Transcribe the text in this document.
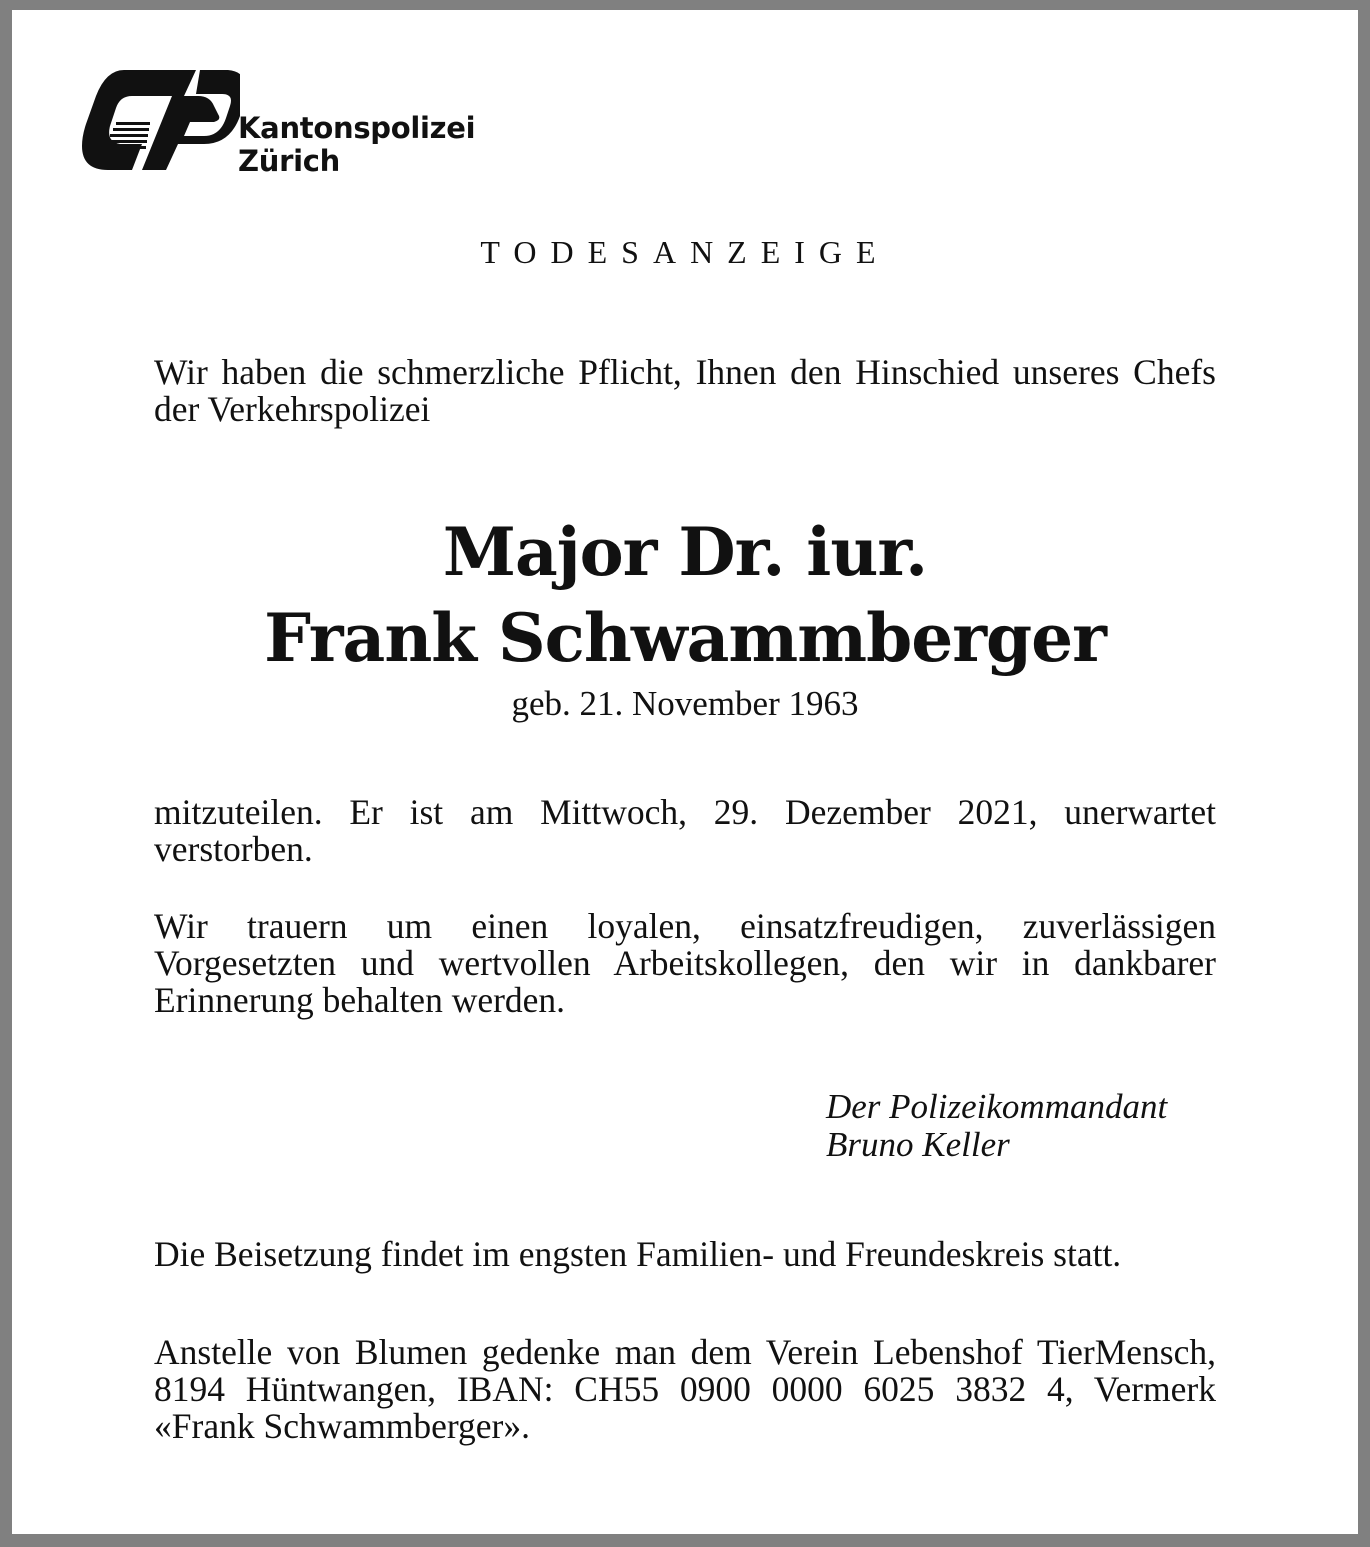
Kantonspolizei
Zürich
TODESANZEIGE
Wir haben die schmerzliche Pflicht, Ihnen den Hinschied unseres Chefs der Verkehrspolizei
Major Dr. iur.
Frank Schwammberger
geb. 21. November 1963
mitzuteilen. Er ist am Mittwoch, 29. Dezember 2021, unerwartet verstorben.
Wir trauern um einen loyalen, einsatzfreudigen, zuverlässigen Vorgesetzten und wertvollen Arbeitskollegen, den wir in dankbarer Erinnerung behalten werden.
Der Polizeikommandant
Bruno Keller
Die Beisetzung findet im engsten Familien- und Freundeskreis statt.
Anstelle von Blumen gedenke man dem Verein Lebenshof TierMensch, 8194 Hüntwangen, IBAN: CH55 0900 0000 6025 3832 4, Vermerk «Frank Schwammberger».
